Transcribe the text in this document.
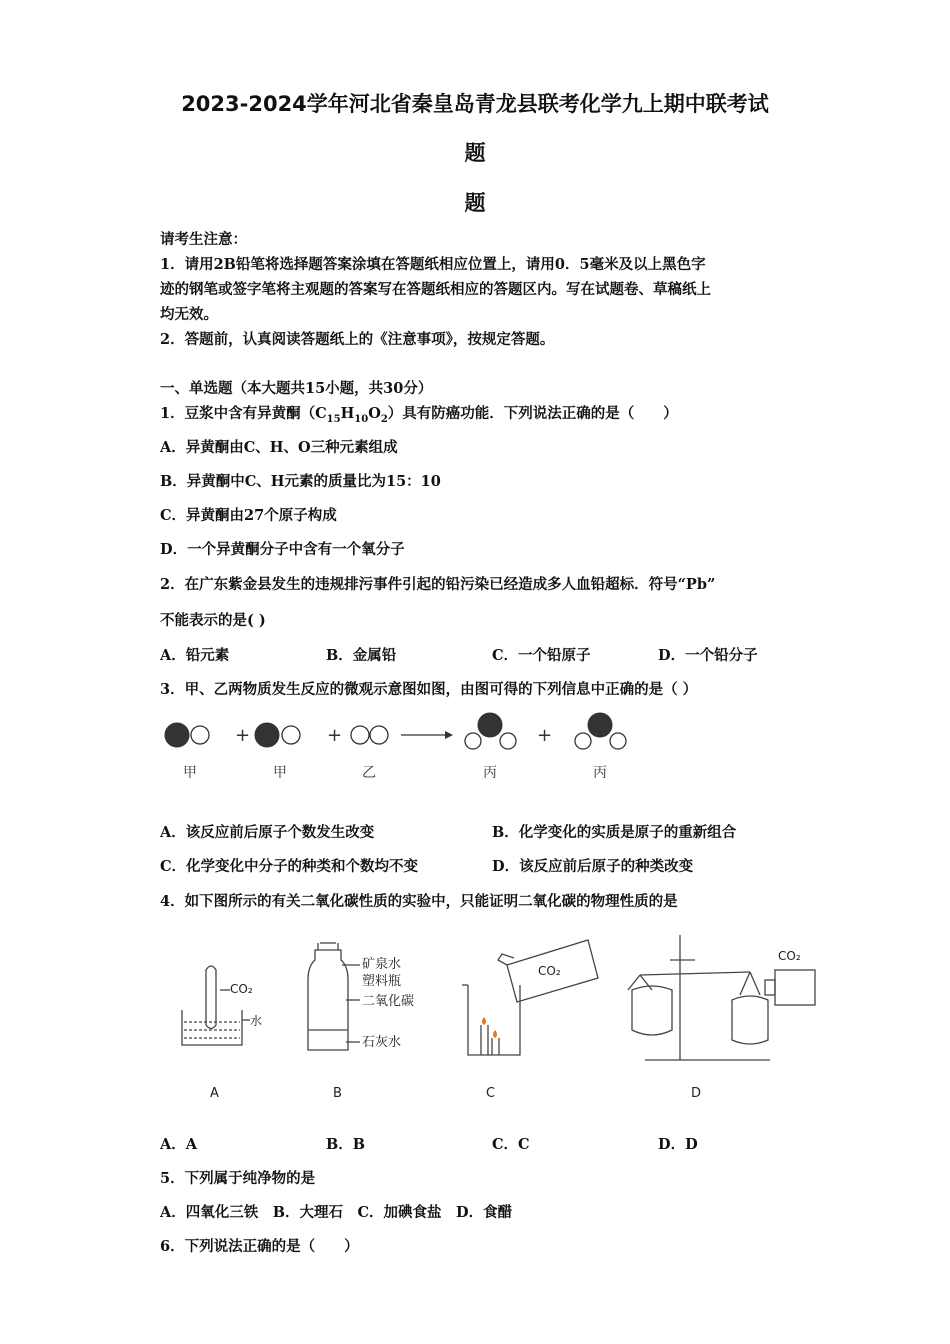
2023-2024学年河北省秦皇岛青龙县联考化学九上期中联考试
题
题
请考生注意：
1．请用2B铅笔将选择题答案涂填在答题纸相应位置上，请用0．5毫米及以上黑色字
迹的钢笔或签字笔将主观题的答案写在答题纸相应的答题区内。写在试题卷、草稿纸上
均无效。
2．答题前，认真阅读答题纸上的《注意事项》，按规定答题。
一、单选题（本大题共15小题，共30分）
1．豆浆中含有异黄酮$(C_{15}H_{10}O_2)$具有防癌功能．下列说法正确的是（　　）
A．异黄酮由C、H、O三种元素组成
B．异黄酮中C、H元素的质量比为15：10
C．异黄酮由27个原子构成
D．一个异黄酮分子中含有一个氧分子
2．在广东紫金县发生的违规排污事件引起的铅污染已经造成多人血铅超标．符号“Pb”
不能表示的是( )
A．铅元素	B．金属铅	C．一个铅原子	D．一个铅分子
3．甲、乙两物质发生反应的微观示意图如图，由图可得的下列信息中正确的是（ ）
+	+	+
甲	甲	乙	丙	丙
A．该反应前后原子个数发生改变	B．化学变化的实质是原子的重新组合
C．化学变化中分子的种类和个数均不变	D．该反应前后原子的种类改变
4．如下图所示的有关二氧化碳性质的实验中，只能证明二氧化碳的物理性质的是
CO₂
水
矿泉水
塑料瓶
二氧化碳
石灰水
CO₂
CO₂
A	B	C	D
A．A	B．B	C．C	D．D
5．下列属于纯净物的是
A．四氧化三铁　B．大理石　C．加碘食盐　D．食醋
6．下列说法正确的是（　　）
